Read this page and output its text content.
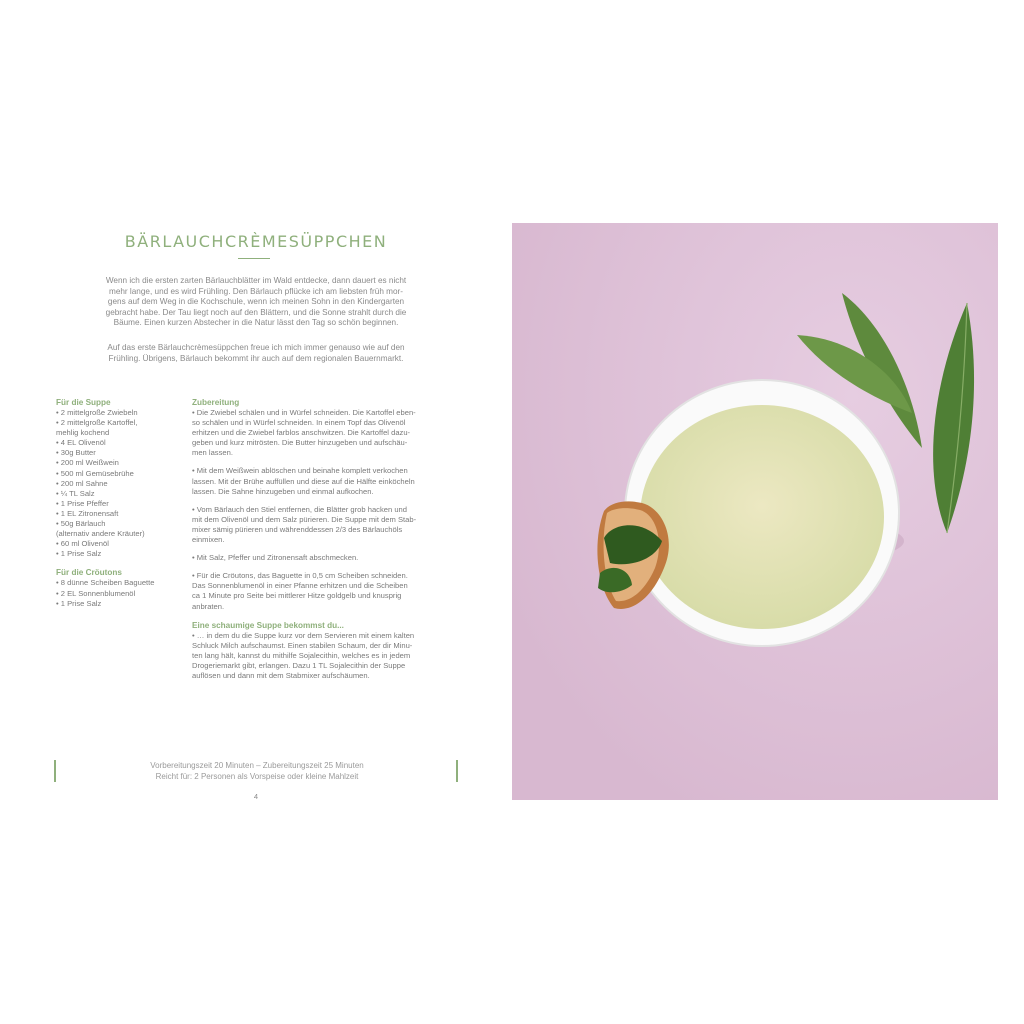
BÄRLAUCHCRÈMESÜPPCHEN

Wenn ich die ersten zarten Bärlauchblätter im Wald entdecke, dann dauert es nicht

mehr lange, und es wird Frühling. Den Bärlauch pflücke ich am liebsten früh mor-

gens auf dem Weg in die Kochschule, wenn ich meinen Sohn in den Kindergarten

gebracht habe. Der Tau liegt noch auf den Blättern, und die Sonne strahlt durch die

Bäume. Einen kurzen Abstecher in die Natur lässt den Tag so schön beginnen.

Auf das erste Bärlauchcrèmesüppchen freue ich mich immer genauso wie auf den

Frühling. Übrigens, Bärlauch bekommt ihr auch auf dem regionalen Bauernmarkt.

Für die Suppe
• 2 mittelgroße Zwiebeln
• 2 mittelgroße Kartoffel,
mehlig kochend
• 4 EL Olivenöl
• 30g Butter
• 200 ml Weißwein
• 500 ml Gemüsebrühe
• 200 ml Sahne
• ¼ TL Salz
• 1 Prise Pfeffer
• 1 EL Zitronensaft
• 50g Bärlauch
(alternativ andere Kräuter)
• 60 ml Olivenöl
• 1 Prise Salz
Für die Cröutons
• 8 dünne Scheiben Baguette
• 2 EL Sonnenblumenöl
• 1 Prise Salz
Zubereitung
• Die Zwiebel schälen und in Würfel schneiden. Die Kartoffel eben-
so schälen und in Würfel schneiden. In einem Topf das Olivenöl
erhitzen und die Zwiebel farblos anschwitzen. Die Kartoffel dazu-
geben und kurz mitrösten. Die Butter hinzugeben und aufschäu-
men lassen.
• Mit dem Weißwein ablöschen und beinahe komplett verkochen
lassen. Mit der Brühe auffüllen und diese auf die Hälfte einköcheln
lassen. Die Sahne hinzugeben und einmal aufkochen.
• Vom Bärlauch den Stiel entfernen, die Blätter grob hacken und
mit dem Olivenöl und dem Salz pürieren. Die Suppe mit dem Stab-
mixer sämig pürieren und währenddessen 2/3 des Bärlauchöls
einmixen.
• Mit Salz, Pfeffer und Zitronensaft abschmecken.
• Für die Cröutons, das Baguette in 0,5 cm Scheiben schneiden.
Das Sonnenblumenöl in einer Pfanne erhitzen und die Scheiben
ca 1 Minute pro Seite bei mittlerer Hitze goldgelb und knusprig
anbraten.
Eine schaumige Suppe bekommst du...
• … in dem du die Suppe kurz vor dem Servieren mit einem kalten
Schluck Milch aufschaumst. Einen stabilen Schaum, der dir Minu-
ten lang hält, kannst du mithilfe Sojalecithin, welches es in jedem
Drogeriemarkt gibt, erlangen. Dazu 1 TL Sojalecithin der Suppe
auflösen und dann mit dem Stabmixer aufschäumen.
Vorbereitungszeit 20 Minuten – Zubereitungszeit 25 Minuten
Reicht für: 2 Personen als Vorspeise oder kleine Mahlzeit
4
